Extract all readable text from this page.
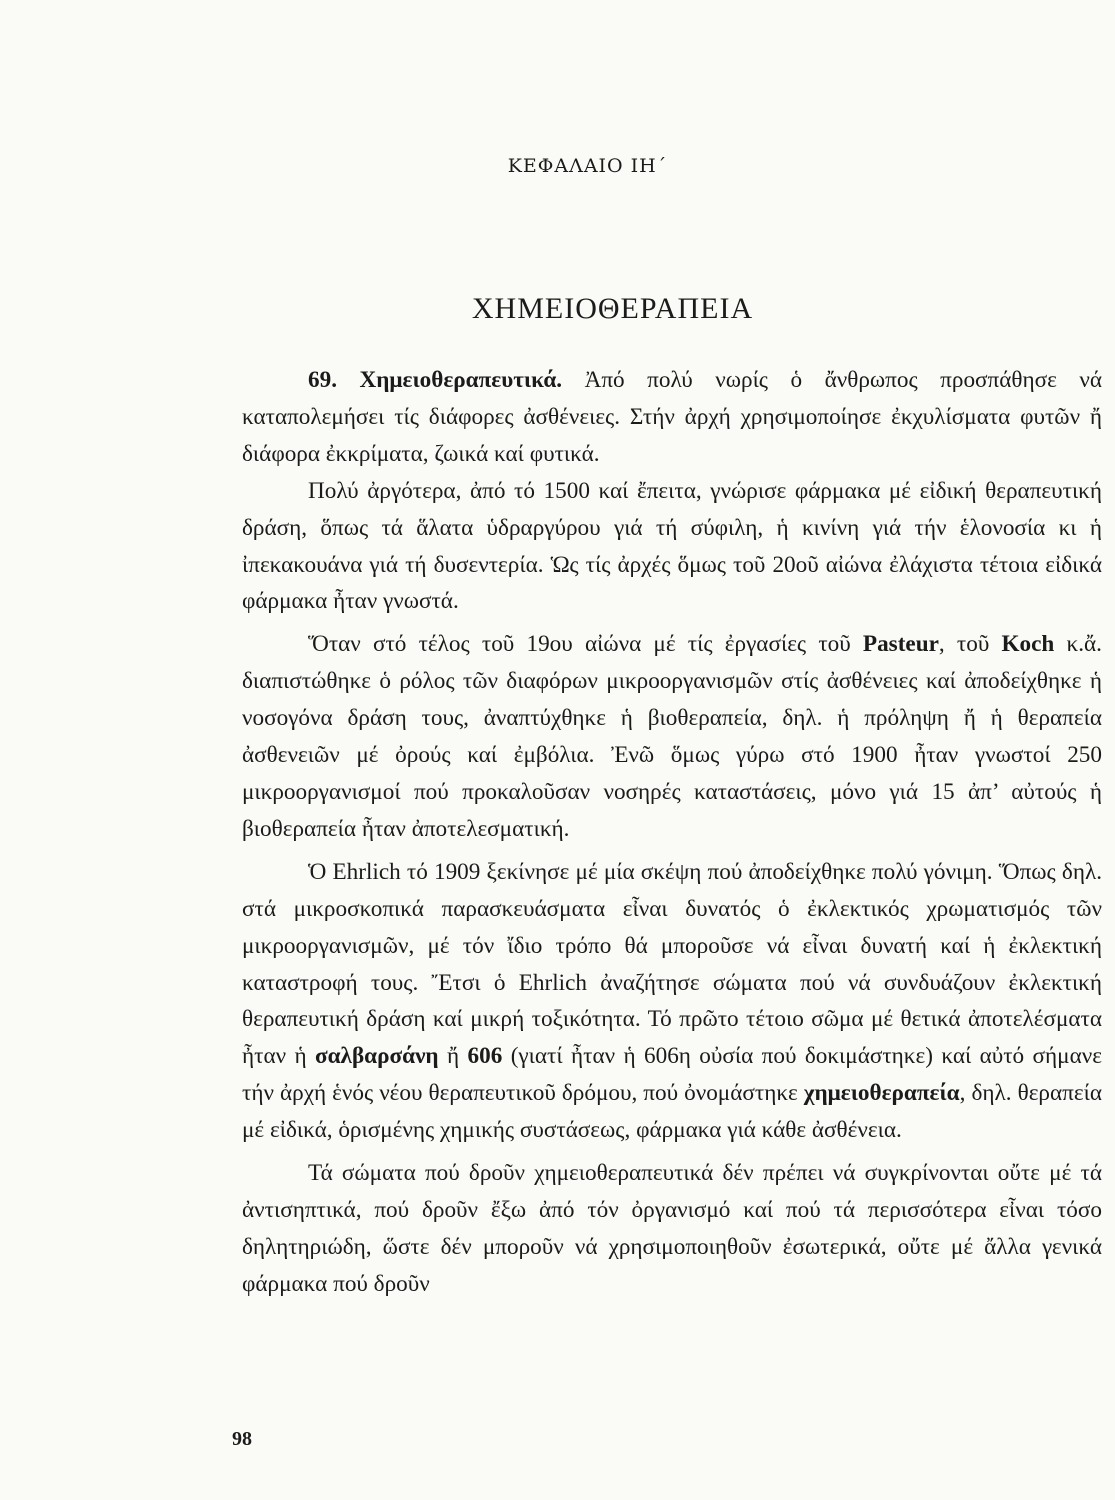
ΚΕΦΑΛΑΙΟ ΙΗ΄
ΧΗΜΕΙΟΘΕΡΑΠΕΙΑ

69. Χημειοθεραπευτικά. Ἀπό πολύ νωρίς ὁ ἄνθρωπος προσπάθησε νά καταπολεμήσει τίς διάφορες ἀσθένειες. Στήν ἀρχή χρησιμοποίησε ἐκχυλίσματα φυτῶν ἤ διάφορα ἐκκρίματα, ζωικά καί φυτικά.

Πολύ ἀργότερα, ἀπό τό 1500 καί ἔπειτα, γνώρισε φάρμακα μέ εἰδική θεραπευτική δράση, ὅπως τά ἅλατα ὑδραργύρου γιά τή σύφιλη, ἡ κινίνη γιά τήν ἑλονοσία κι ἡ ἰπεκακουάνα γιά τή δυσεντερία. Ὡς τίς ἀρχές ὅμως τοῦ 20οῦ αἰώνα ἐλάχιστα τέτοια εἰδικά φάρμακα ἦταν γνωστά.

Ὅταν στό τέλος τοῦ 19ου αἰώνα μέ τίς ἐργασίες τοῦ Pasteur, τοῦ Koch κ.ἄ. διαπιστώθηκε ὁ ρόλος τῶν διαφόρων μικροοργανισμῶν στίς ἀσθένειες καί ἀποδείχθηκε ἡ νοσογόνα δράση τους, ἀναπτύχθηκε ἡ βιοθεραπεία, δηλ. ἡ πρόληψη ἤ ἡ θεραπεία ἀσθενειῶν μέ ὀρούς καί ἐμβόλια. Ἐνῶ ὅμως γύρω στό 1900 ἦταν γνωστοί 250 μικροοργανισμοί πού προκαλοῦσαν νοσηρές καταστάσεις, μόνο γιά 15 ἀπ’ αὐτούς ἡ βιοθεραπεία ἦταν ἀποτελεσματική.

Ὁ Ehrlich τό 1909 ξεκίνησε μέ μία σκέψη πού ἀποδείχθηκε πολύ γόνιμη. Ὅπως δηλ. στά μικροσκοπικά παρασκευάσματα εἶναι δυνατός ὁ ἐκλεκτικός χρωματισμός τῶν μικροοργανισμῶν, μέ τόν ἴδιο τρόπο θά μποροῦσε νά εἶναι δυνατή καί ἡ ἐκλεκτική καταστροφή τους. Ἔτσι ὁ Ehrlich ἀναζήτησε σώματα πού νά συνδυάζουν ἐκλεκτική θεραπευτική δράση καί μικρή τοξικότητα. Τό πρῶτο τέτοιο σῶμα μέ θετικά ἀποτελέσματα ἦταν ἡ σαλβαρσάνη ἤ 606 (γιατί ἦταν ἡ 606η οὐσία πού δοκιμάστηκε) καί αὐτό σήμανε τήν ἀρχή ἑνός νέου θεραπευτικοῦ δρόμου, πού ὀνομάστηκε χημειοθεραπεία, δηλ. θεραπεία μέ εἰδικά, ὁρισμένης χημικής συστάσεως, φάρμακα γιά κάθε ἀσθένεια.

Τά σώματα πού δροῦν χημειοθεραπευτικά δέν πρέπει νά συγκρίνονται οὔτε μέ τά ἀντισηπτικά, πού δροῦν ἔξω ἀπό τόν ὀργανισμό καί πού τά περισσότερα εἶναι τόσο δηλητηριώδη, ὥστε δέν μποροῦν νά χρησιμοποιηθοῦν ἐσωτερικά, οὔτε μέ ἄλλα γενικά φάρμακα πού δροῦν

98
